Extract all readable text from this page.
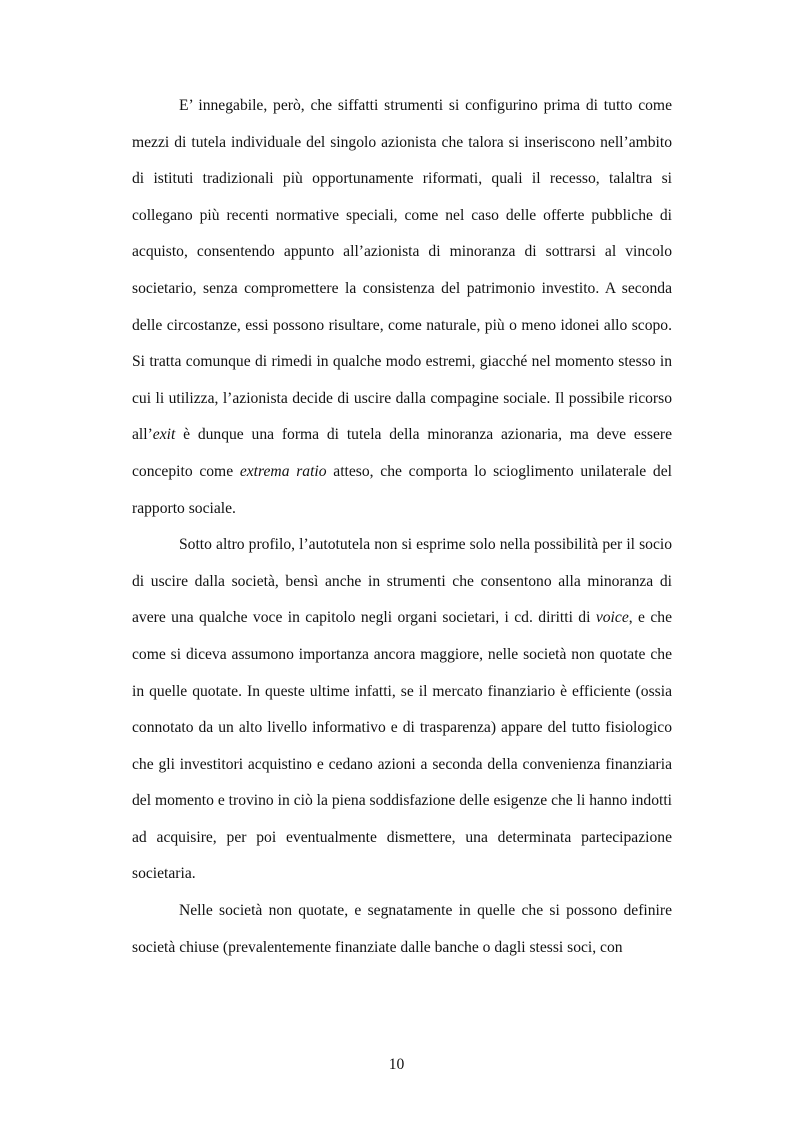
E’ innegabile, però, che siffatti strumenti si configurino prima di tutto come mezzi di tutela individuale del singolo azionista che talora si inseriscono nell’ambito di istituti tradizionali più opportunamente riformati, quali il recesso, talaltra si collegano più recenti normative speciali, come nel caso delle offerte pubbliche di acquisto, consentendo appunto all’azionista di minoranza di sottrarsi al vincolo societario, senza compromettere la consistenza del patrimonio investito. A seconda delle circostanze, essi possono risultare, come naturale, più o meno idonei allo scopo. Si tratta comunque di rimedi in qualche modo estremi, giacché nel momento stesso in cui li utilizza, l’azionista decide di uscire dalla compagine sociale. Il possibile ricorso all’exit è dunque una forma di tutela della minoranza azionaria, ma deve essere concepito come extrema ratio atteso, che comporta lo scioglimento unilaterale del rapporto sociale.

Sotto altro profilo, l’autotutela non si esprime solo nella possibilità per il socio di uscire dalla società, bensì anche in strumenti che consentono alla minoranza di avere una qualche voce in capitolo negli organi societari, i cd. diritti di voice, e che come si diceva assumono importanza ancora maggiore, nelle società non quotate che in quelle quotate. In queste ultime infatti, se il mercato finanziario è efficiente (ossia connotato da un alto livello informativo e di trasparenza) appare del tutto fisiologico che gli investitori acquistino e cedano azioni a seconda della convenienza finanziaria del momento e trovino in ciò la piena soddisfazione delle esigenze che li hanno indotti ad acquisire, per poi eventualmente dismettere, una determinata partecipazione societaria.

Nelle società non quotate, e segnatamente in quelle che si possono definire società chiuse (prevalentemente finanziate dalle banche o dagli stessi soci, con

10
